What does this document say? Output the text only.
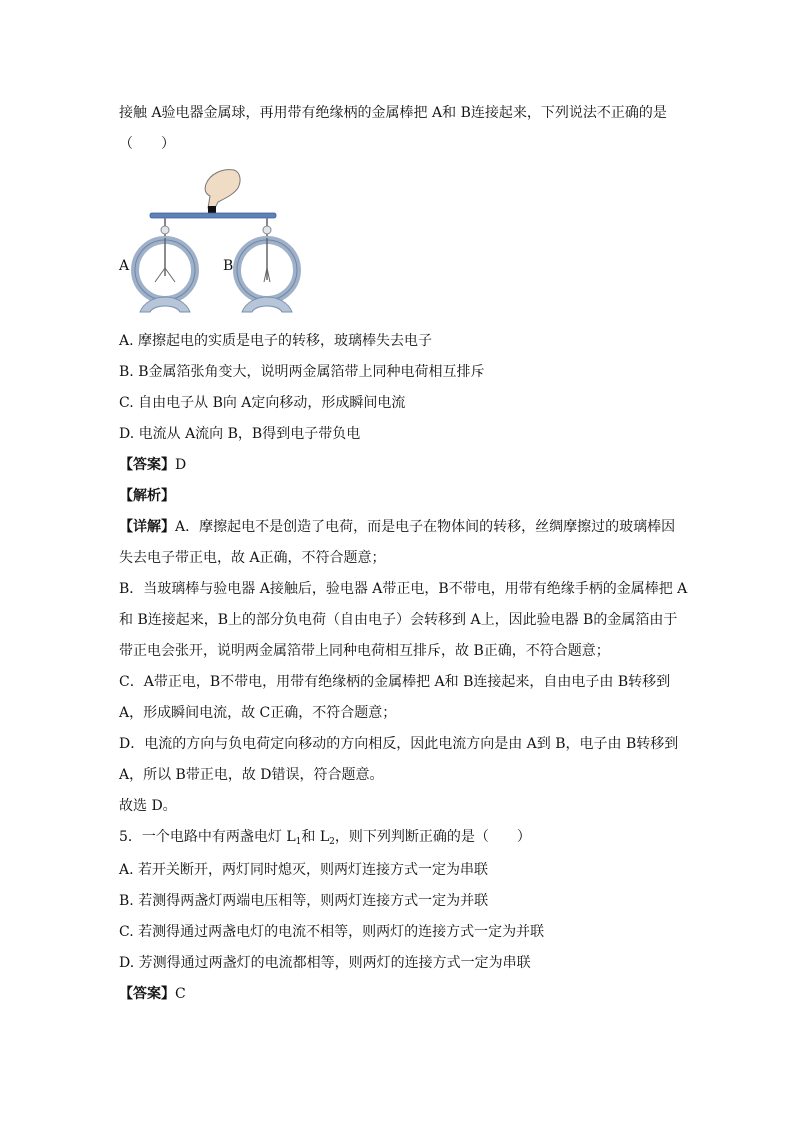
接触 A验电器金属球，再用带有绝缘柄的金属棒把 A和 B连接起来，下列说法不正确的是
（　　）
A	B
A. 摩擦起电的实质是电子的转移，玻璃棒失去电子
B. B金属箔张角变大，说明两金属箔带上同种电荷相互排斥
C. 自由电子从 B向 A定向移动，形成瞬间电流
D. 电流从 A流向 B，B得到电子带负电
【答案】D
【解析】
【详解】A．摩擦起电不是创造了电荷，而是电子在物体间的转移，丝绸摩擦过的玻璃棒因
失去电子带正电，故 A正确，不符合题意；
B．当玻璃棒与验电器 A接触后，验电器 A带正电，B不带电，用带有绝缘手柄的金属棒把 A
和 B连接起来，B上的部分负电荷（自由电子）会转移到 A上，因此验电器 B的金属箔由于
带正电会张开，说明两金属箔带上同种电荷相互排斥，故 B正确，不符合题意；
C．A带正电，B不带电，用带有绝缘柄的金属棒把 A和 B连接起来，自由电子由 B转移到
A，形成瞬间电流，故 C正确，不符合题意；
D．电流的方向与负电荷定向移动的方向相反，因此电流方向是由 A到 B，电子由 B转移到
A，所以 B带正电，故 D错误，符合题意。
故选 D。
5．一个电路中有两盏电灯 $L_1$和 $L_2$，则下列判断正确的是（　　）
A. 若开关断开，两灯同时熄灭，则两灯连接方式一定为串联
B. 若测得两盏灯两端电压相等，则两灯连接方式一定为并联
C. 若测得通过两盏电灯的电流不相等，则两灯的连接方式一定为并联
D. 芳测得通过两盏灯的电流都相等，则两灯的连接方式一定为串联
【答案】C
